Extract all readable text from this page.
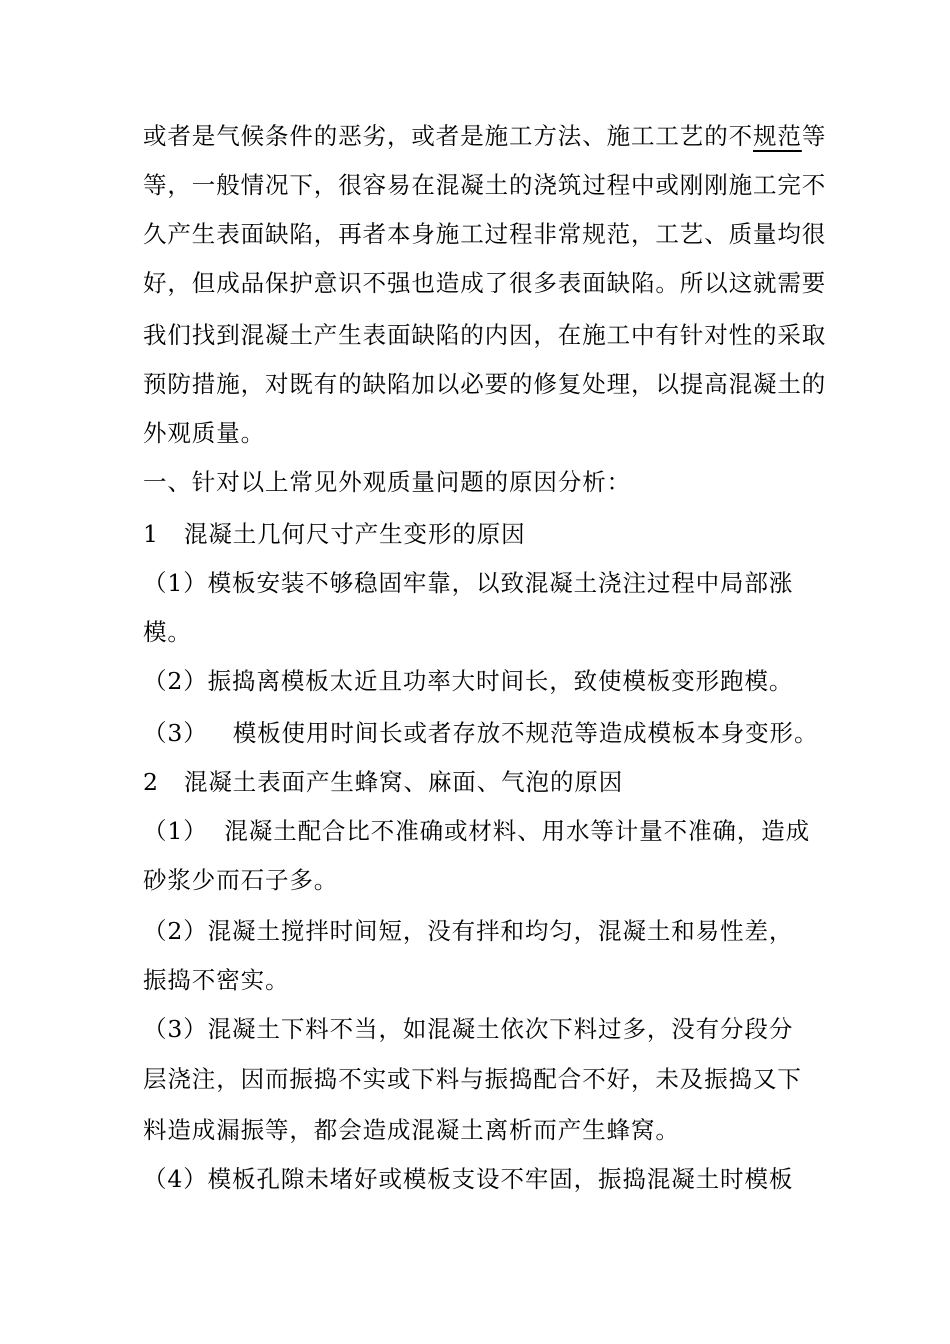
或者是气候条件的恶劣，或者是施工方法、施工工艺的不规范等
等，一般情况下，很容易在混凝土的浇筑过程中或刚刚施工完不
久产生表面缺陷，再者本身施工过程非常规范，工艺、质量均很
好，但成品保护意识不强也造成了很多表面缺陷。所以这就需要
我们找到混凝土产生表面缺陷的内因，在施工中有针对性的采取
预防措施，对既有的缺陷加以必要的修复处理，以提高混凝土的
外观质量。
一、针对以上常见外观质量问题的原因分析：
1   混凝土几何尺寸产生变形的原因
（1）模板安装不够稳固牢靠，以致混凝土浇注过程中局部涨
模。
（2）振捣离模板太近且功率大时间长，致使模板变形跑模。
（3）   模板使用时间长或者存放不规范等造成模板本身变形。
2   混凝土表面产生蜂窝、麻面、气泡的原因
（1）  混凝土配合比不准确或材料、用水等计量不准确，造成
砂浆少而石子多。
（2）混凝土搅拌时间短，没有拌和均匀，混凝土和易性差，
振捣不密实。
（3）混凝土下料不当，如混凝土依次下料过多，没有分段分
层浇注，因而振捣不实或下料与振捣配合不好，未及振捣又下
料造成漏振等，都会造成混凝土离析而产生蜂窝。
（4）模板孔隙未堵好或模板支设不牢固，振捣混凝土时模板
